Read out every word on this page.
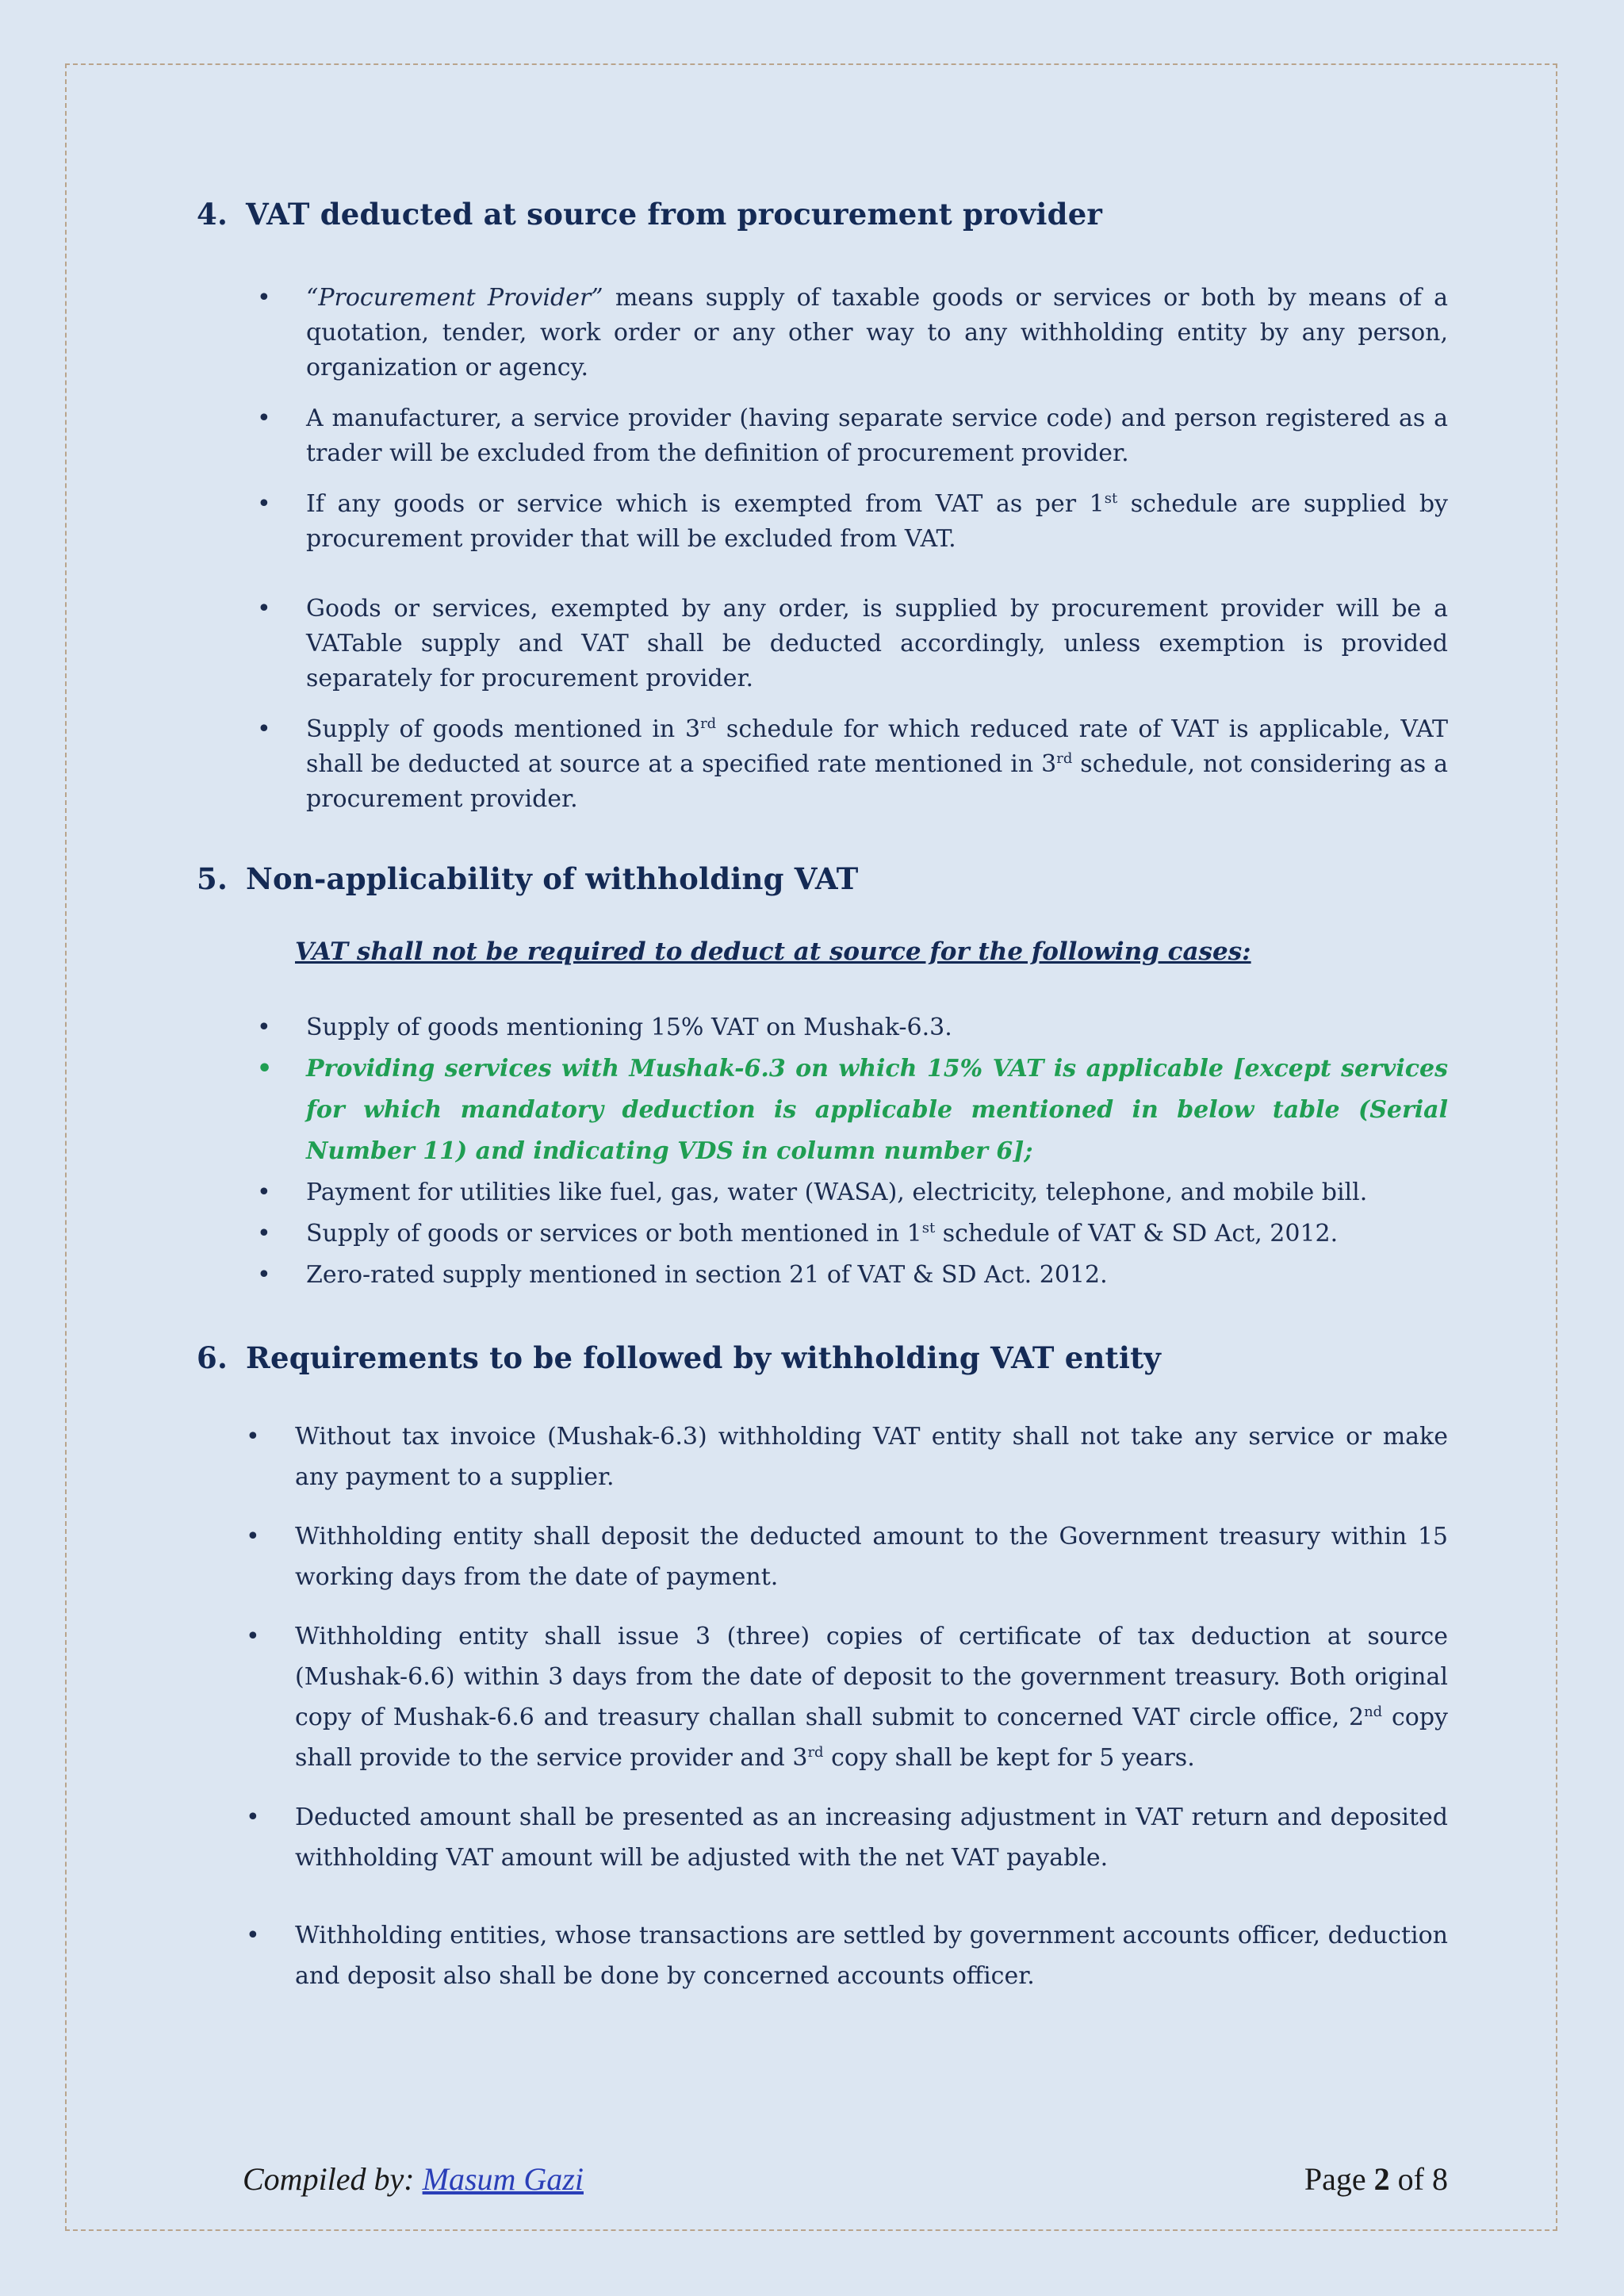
4. VAT deducted at source from procurement provider
• “Procurement Provider” means supply of taxable goods or services or both by means of a quotation, tender, work order or any other way to any withholding entity by any person, organization or agency.
• A manufacturer, a service provider (having separate service code) and person registered as a trader will be excluded from the definition of procurement provider.
• If any goods or service which is exempted from VAT as per 1st schedule are supplied by procurement provider that will be excluded from VAT.
• Goods or services, exempted by any order, is supplied by procurement provider will be a VATable supply and VAT shall be deducted accordingly, unless exemption is provided separately for procurement provider.
• Supply of goods mentioned in 3rd schedule for which reduced rate of VAT is applicable, VAT shall be deducted at source at a specified rate mentioned in 3rd schedule, not considering as a procurement provider.
5. Non-applicability of withholding VAT

VAT shall not be required to deduct at source for the following cases:

• Supply of goods mentioning 15% VAT on Mushak-6.3.
• Providing services with Mushak-6.3 on which 15% VAT is applicable [except services for which mandatory deduction is applicable mentioned in below table (Serial Number 11) and indicating VDS in column number 6];
• Payment for utilities like fuel, gas, water (WASA), electricity, telephone, and mobile bill.
• Supply of goods or services or both mentioned in 1st schedule of VAT & SD Act, 2012.
• Zero-rated supply mentioned in section 21 of VAT & SD Act. 2012.
6. Requirements to be followed by withholding VAT entity
• Without tax invoice (Mushak-6.3) withholding VAT entity shall not take any service or make any payment to a supplier.
• Withholding entity shall deposit the deducted amount to the Government treasury within 15 working days from the date of payment.
• Withholding entity shall issue 3 (three) copies of certificate of tax deduction at source (Mushak-6.6) within 3 days from the date of deposit to the government treasury. Both original copy of Mushak-6.6 and treasury challan shall submit to concerned VAT circle office, 2nd copy shall provide to the service provider and 3rd copy shall be kept for 5 years.
• Deducted amount shall be presented as an increasing adjustment in VAT return and deposited withholding VAT amount will be adjusted with the net VAT payable.
• Withholding entities, whose transactions are settled by government accounts officer, deduction and deposit also shall be done by concerned accounts officer.
Compiled by: Masum Gazi	Page 2 of 8
